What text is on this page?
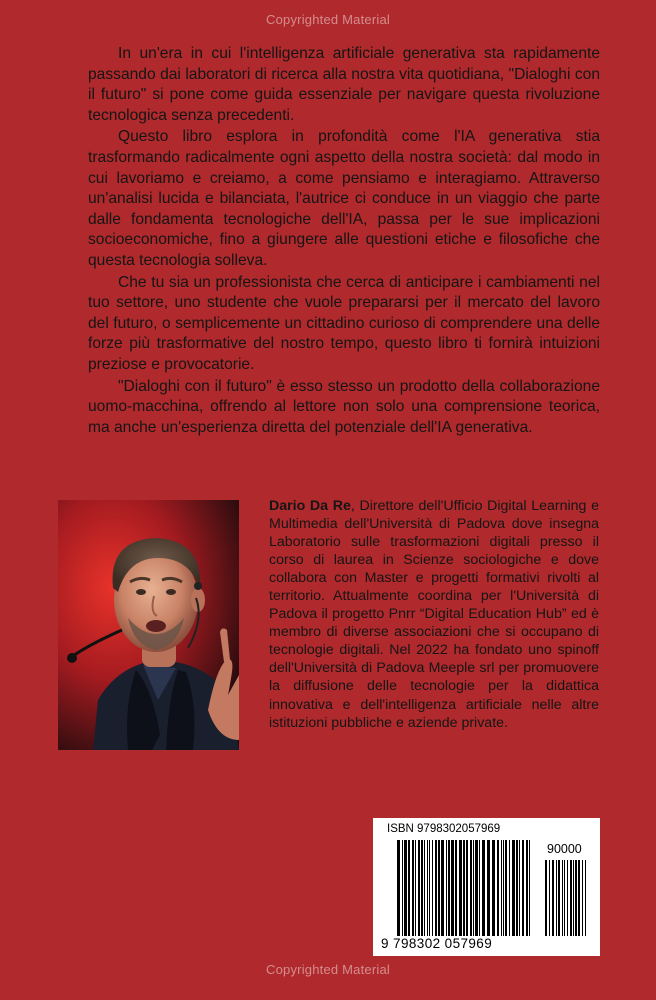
Copyrighted Material

In un'era in cui l'intelligenza artificiale generativa sta rapidamente passando dai laboratori di ricerca alla nostra vita quotidiana, "Dialoghi con il futuro" si pone come guida essenziale per navigare questa rivoluzione tecnologica senza precedenti.

Questo libro esplora in profondità come l'IA generativa stia trasformando radicalmente ogni aspetto della nostra società: dal modo in cui lavoriamo e creiamo, a come pensiamo e interagiamo. Attraverso un'analisi lucida e bilanciata, l'autrice ci conduce in un viaggio che parte dalle fondamenta tecnologiche dell'IA, passa per le sue implicazioni socioeconomiche, fino a giungere alle questioni etiche e filosofiche che questa tecnologia solleva.

Che tu sia un professionista che cerca di anticipare i cambiamenti nel tuo settore, uno studente che vuole prepararsi per il mercato del lavoro del futuro, o semplicemente un cittadino curioso di comprendere una delle forze più trasformative del nostro tempo, questo libro ti fornirà intuizioni preziose e provocatorie.

"Dialoghi con il futuro" è esso stesso un prodotto della collaborazione uomo-macchina, offrendo al lettore non solo una comprensione teorica, ma anche un'esperienza diretta del potenziale dell'IA generativa.

Dario Da Re, Direttore dell'Ufficio Digital Learning e Multimedia dell'Università di Padova dove insegna Laboratorio sulle trasformazioni digitali presso il corso di laurea in Scienze sociologiche e dove collabora con Master e progetti formativi rivolti al territorio. Attualmente coordina per l'Università di Padova il progetto Pnrr “Digital Education Hub” ed è membro di diverse associazioni che si occupano di tecnologie digitali. Nel 2022 ha fondato uno spinoff dell'Università di Padova Meeple srl per promuovere la diffusione delle tecnologie per la didattica innovativa e dell'intelligenza artificiale nelle altre istituzioni pubbliche e aziende private.
ISBN 9798302057969
90000
9 798302 057969
Copyrighted Material
